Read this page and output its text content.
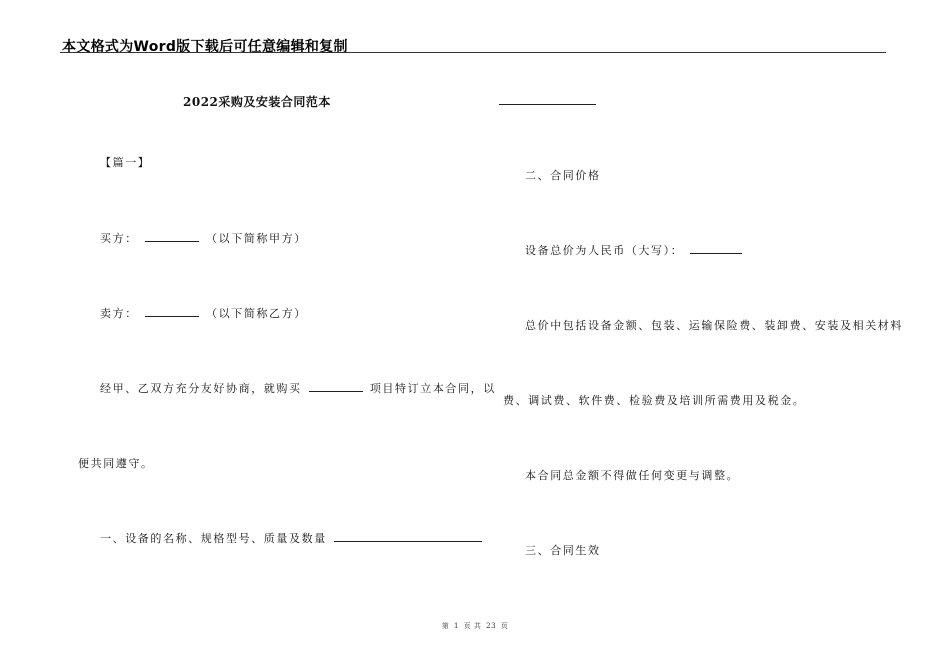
本文格式为Word版下载后可任意编辑和复制
2022采购及安装合同范本
【篇一】
买方：	（以下简称甲方）
卖方：	（以下简称乙方）
经甲、乙双方充分友好协商，就购买	项目特订立本合同，以
便共同遵守。
一、设备的名称、规格型号、质量及数量
二、合同价格
设备总价为人民币（大写）：
总价中包括设备金额、包装、运输保险费、装卸费、安装及相关材料
费、调试费、软件费、检验费及培训所需费用及税金。
本合同总金额不得做任何变更与调整。
三、合同生效
第 1 页 共 23 页
